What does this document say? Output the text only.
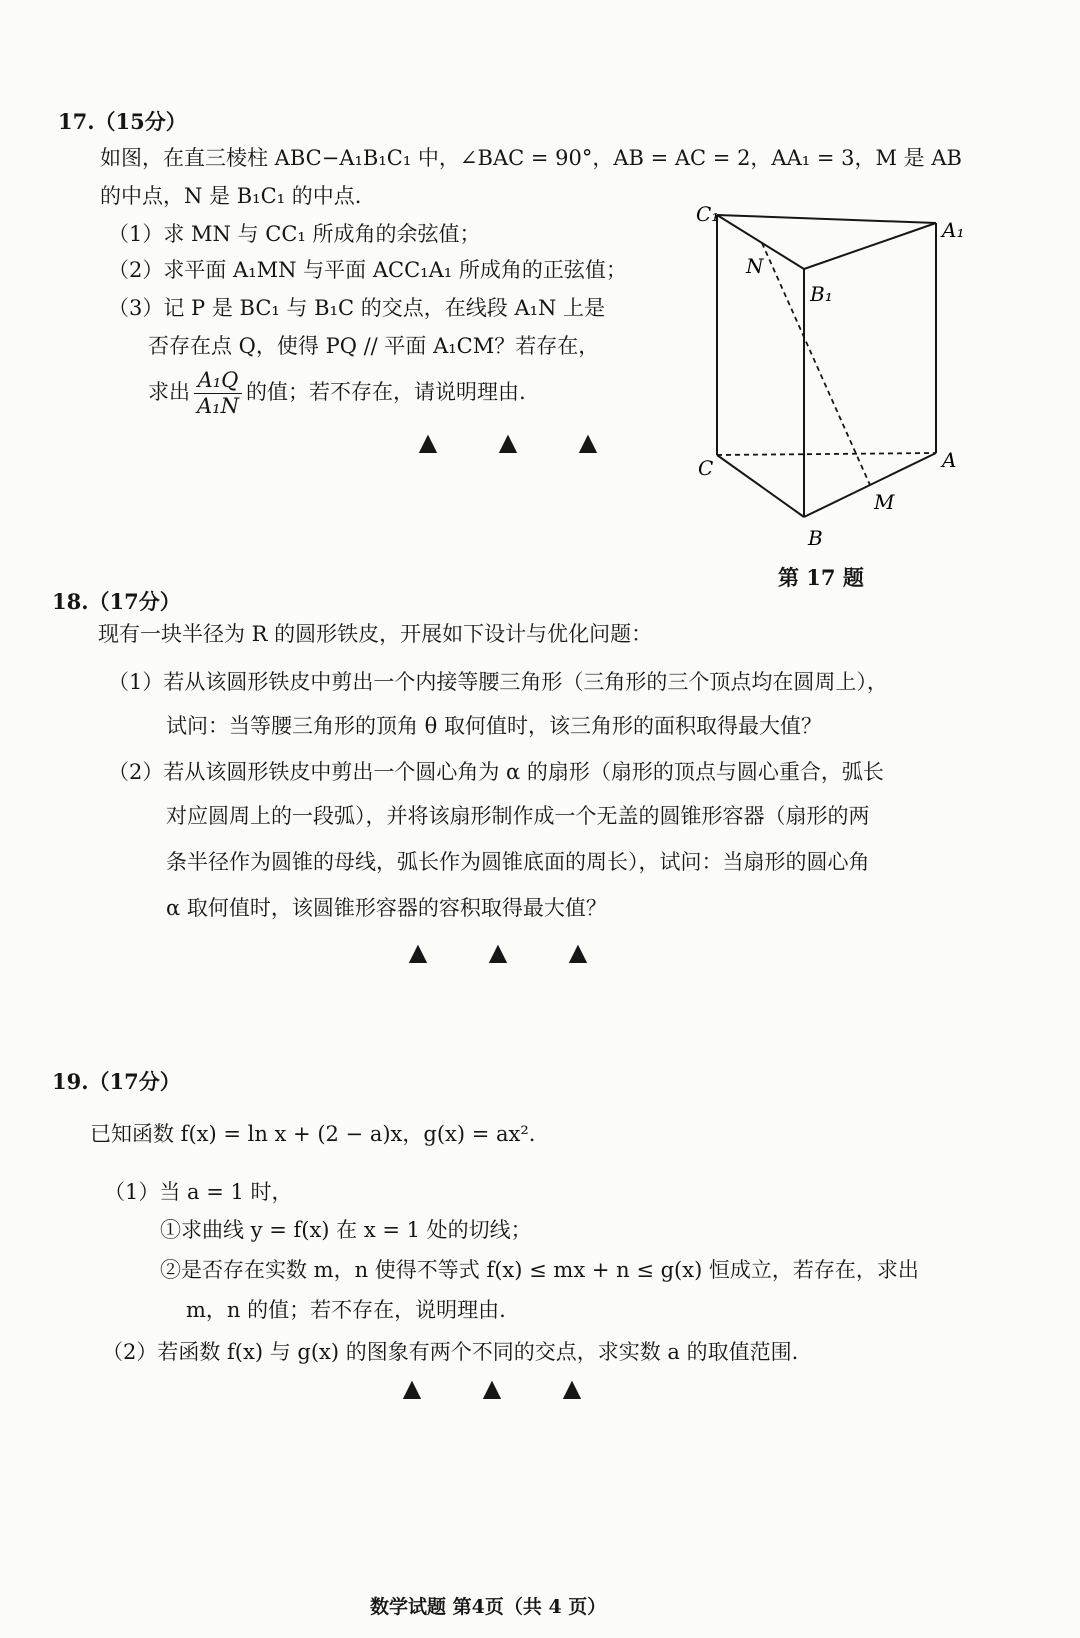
17.（15分）
如图，在直三棱柱 ABC−A₁B₁C₁ 中，∠BAC = 90°，AB = AC = 2，AA₁ = 3，M 是 AB
的中点，N 是 B₁C₁ 的中点.
（1）求 MN 与 CC₁ 所成角的余弦值；
（2）求平面 A₁MN 与平面 ACC₁A₁ 所成角的正弦值；
（3）记 P 是 BC₁ 与 B₁C 的交点，在线段 A₁N 上是
否存在点 Q，使得 PQ // 平面 A₁CM？若存在，
求出 $\frac{\text{A₁Q}}{\text{A₁N}}$ 的值；若不存在，请说明理由.
▲	▲	▲
C₁
A₁
B₁
N
C	A
B
M
第 17 题
18.（17分）
现有一块半径为 R 的圆形铁皮，开展如下设计与优化问题：
（1）若从该圆形铁皮中剪出一个内接等腰三角形（三角形的三个顶点均在圆周上），
试问：当等腰三角形的顶角 θ 取何值时，该三角形的面积取得最大值？
（2）若从该圆形铁皮中剪出一个圆心角为 α 的扇形（扇形的顶点与圆心重合，弧长
对应圆周上的一段弧），并将该扇形制作成一个无盖的圆锥形容器（扇形的两
条半径作为圆锥的母线，弧长作为圆锥底面的周长），试问：当扇形的圆心角
α 取何值时，该圆锥形容器的容积取得最大值？
▲	▲	▲
19.（17分）
已知函数 f(x) = ln x + (2 − a)x，g(x) = ax².
（1）当 a = 1 时，
①求曲线 y = f(x) 在 x = 1 处的切线；
②是否存在实数 m，n 使得不等式 f(x) ≤ mx + n ≤ g(x) 恒成立，若存在，求出
m，n 的值；若不存在，说明理由.
（2）若函数 f(x) 与 g(x) 的图象有两个不同的交点，求实数 a 的取值范围.
▲	▲	▲
数学试题 第4页（共 4 页）
